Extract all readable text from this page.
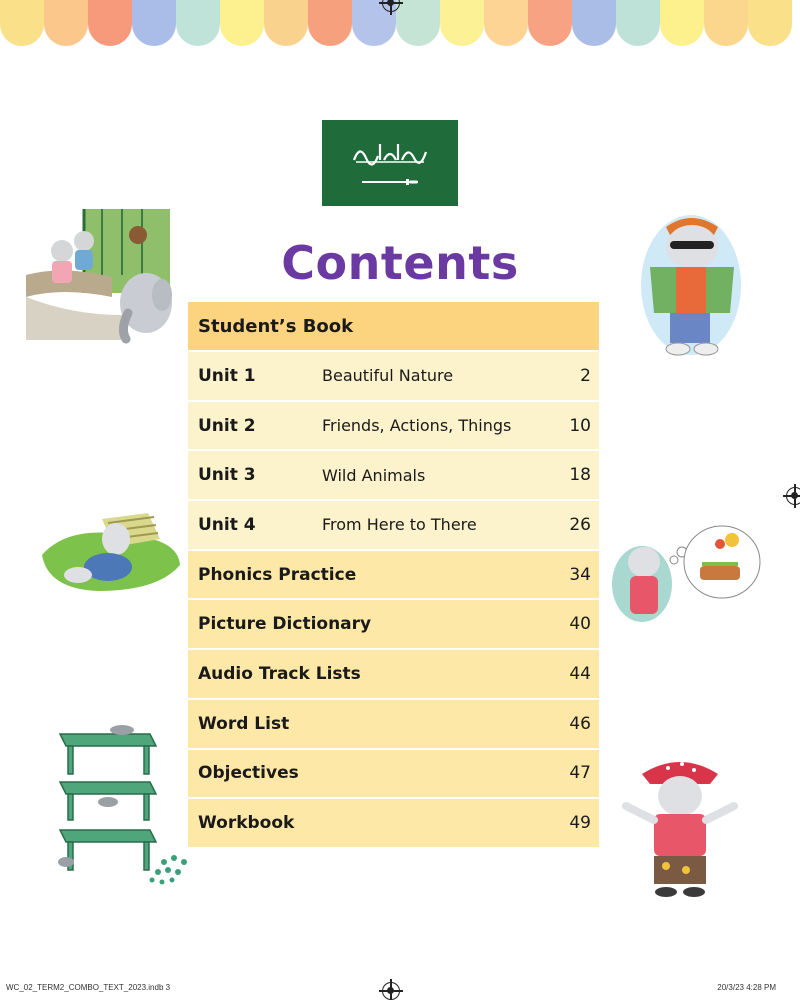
Contents
Student’s Book
Unit 1	Beautiful Nature	2
Unit 2	Friends, Actions, Things	10
Unit 3	Wild Animals	18
Unit 4	From Here to There	26
Phonics Practice	34
Picture Dictionary	40
Audio Track Lists	44
Word List	46
Objectives	47
Workbook	49
WC_02_TERM2_COMBO_TEXT_2023.indb 3	20/3/23 4:28 PM
